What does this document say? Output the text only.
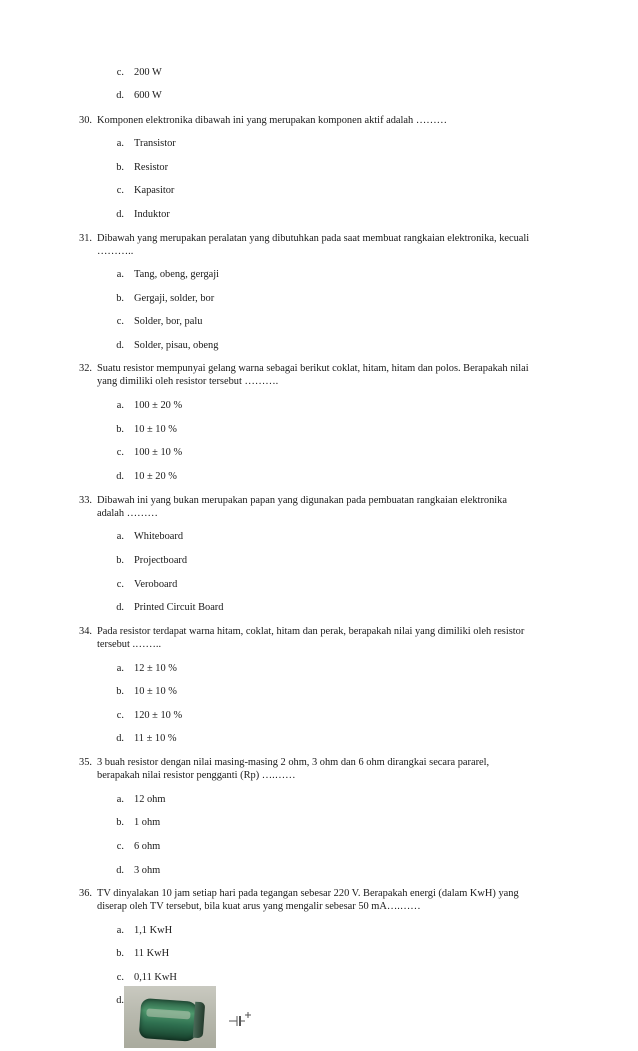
c. 200 W
d. 600 W
30. Komponen elektronika dibawah ini yang merupakan komponen aktif adalah ………
a. Transistor
b. Resistor
c. Kapasitor
d. Induktor
31. Dibawah yang merupakan peralatan yang dibutuhkan pada saat membuat rangkaian elektronika, kecuali
………..
a. Tang, obeng, gergaji
b. Gergaji, solder, bor
c. Solder, bor, palu
d. Solder, pisau, obeng
32. Suatu resistor mempunyai gelang warna sebagai berikut coklat, hitam, hitam dan polos. Berapakah nilai
yang dimiliki oleh resistor tersebut ……….
a. 100 ± 20 %
b. 10 ± 10 %
c. 100 ± 10 %
d. 10 ± 20 %
33. Dibawah ini yang bukan merupakan papan yang digunakan pada pembuatan rangkaian elektronika
adalah ………
a. Whiteboard
b. Projectboard
c. Veroboard
d. Printed Circuit Board
34. Pada resistor terdapat warna hitam, coklat, hitam dan perak, berapakah nilai yang dimiliki oleh resistor
tersebut .……..
a. 12 ± 10 %
b. 10 ± 10 %
c. 120 ± 10 %
d. 11 ± 10 %
35. 3 buah resistor dengan nilai masing-masing 2 ohm, 3 ohm dan 6 ohm dirangkai secara pararel,
berapakah nilai resistor pengganti (Rp) ….……
a. 12 ohm
b. 1 ohm
c. 6 ohm
d. 3 ohm
36. TV dinyalakan 10 jam setiap hari pada tegangan sebesar 220 V. Berapakah energi (dalam KwH) yang
diserap oleh TV tersebut, bila kuat arus yang mengalir sebesar 50 mA….……
a. 1,1 KwH
b. 11 KwH
c. 0,11 KwH
d.
